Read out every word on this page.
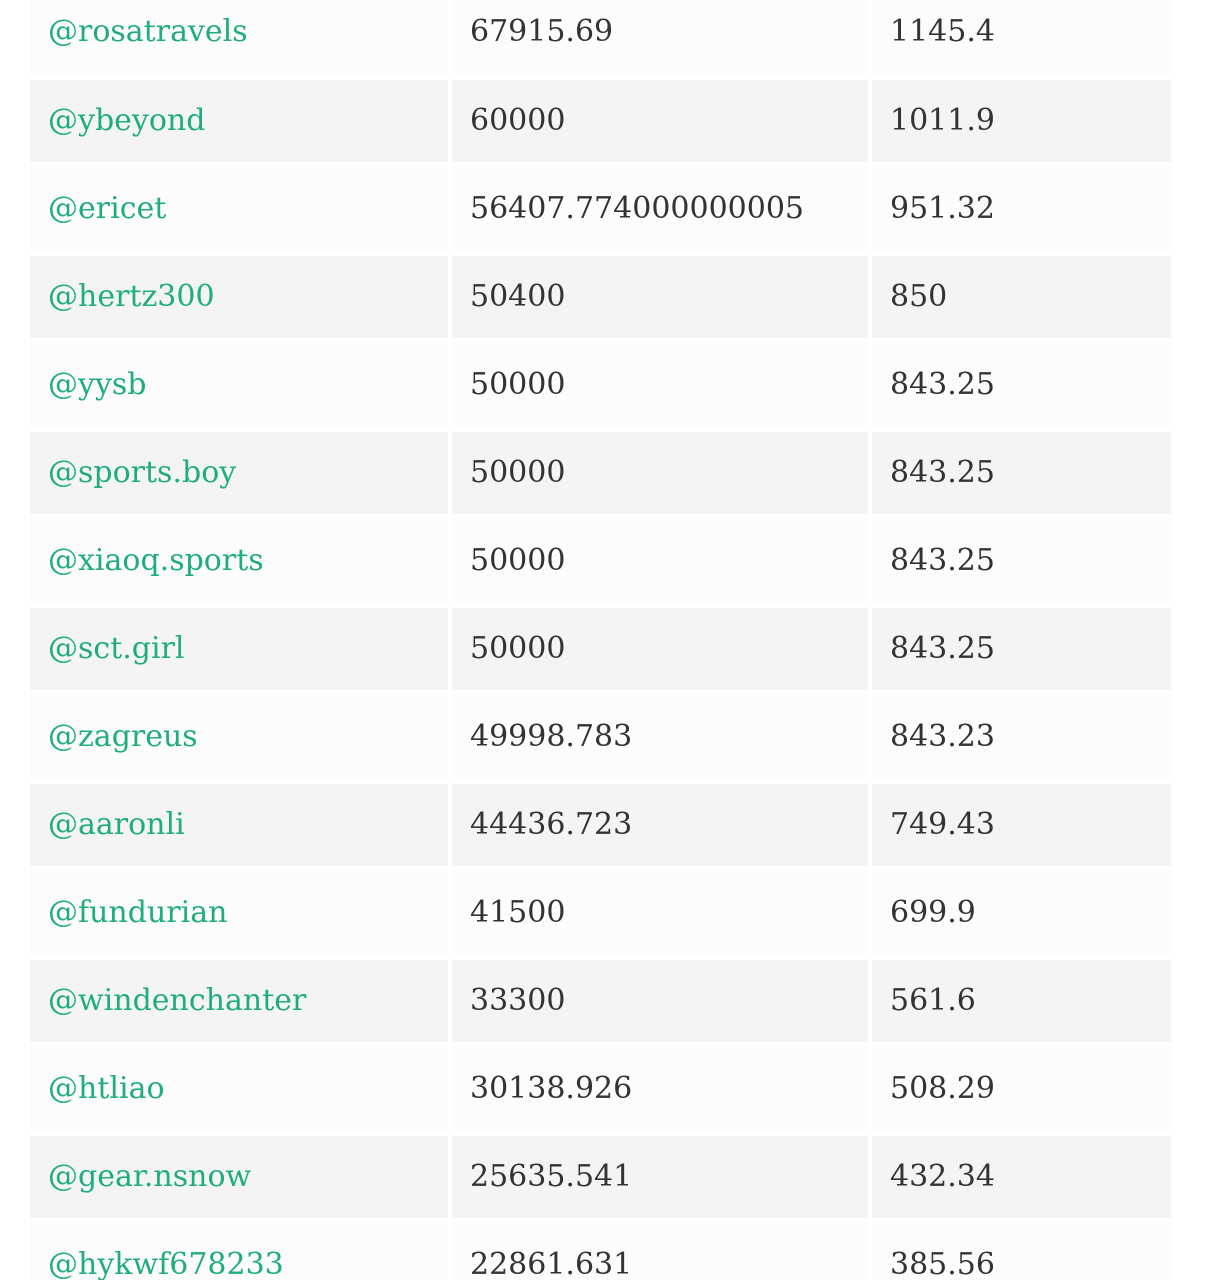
@rosatravels	67915.69	1145.4
@ybeyond	60000	1011.9
@ericet	56407.774000000005	951.32
@hertz300	50400	850
@yysb	50000	843.25
@sports.boy	50000	843.25
@xiaoq.sports	50000	843.25
@sct.girl	50000	843.25
@zagreus	49998.783	843.23
@aaronli	44436.723	749.43
@fundurian	41500	699.9
@windenchanter	33300	561.6
@htliao	30138.926	508.29
@gear.nsnow	25635.541	432.34
@hykwf678233	22861.631	385.56
